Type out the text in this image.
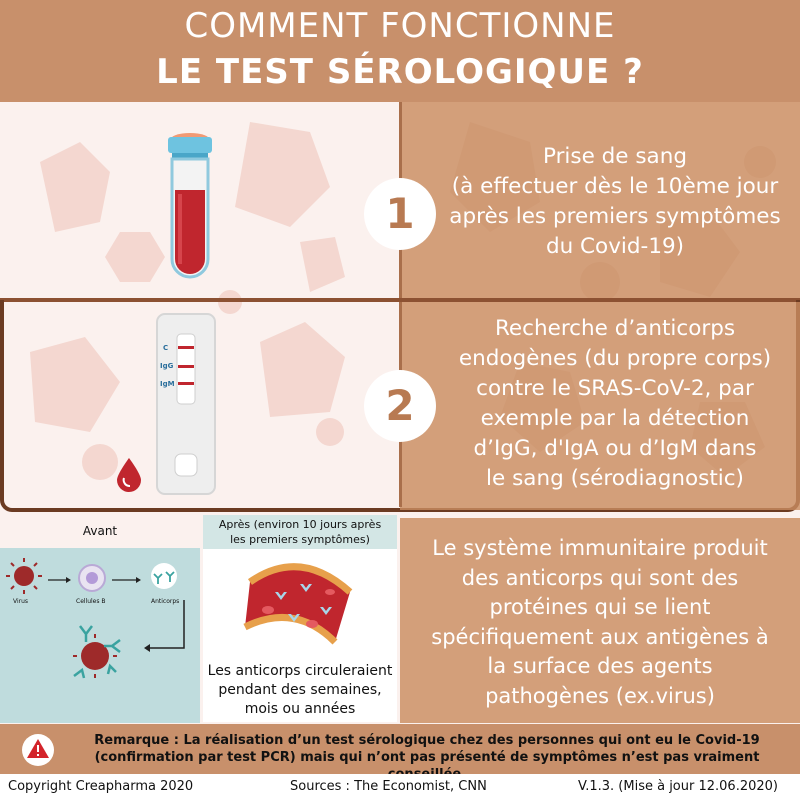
COMMENT FONCTIONNE
LE TEST SÉROLOGIQUE ?
Prise de sang
(à effectuer dès le 10ème jour
après les premiers symptômes
du Covid-19)
1
C
IgG
IgM
Recherche d’anticorps
endogènes (du propre corps)
contre le SRAS-CoV-2, par
exemple par la détection
d’IgG, d'IgA ou d’IgM dans
le sang (sérodiagnostic)
2
Avant
Virus	Cellules B	Anticorps
Après (environ 10 jours après
les premiers symptômes)
Les anticorps circuleraient
pendant des semaines,
mois ou années
Le système immunitaire produit
des anticorps qui sont des
protéines qui se lient
spécifiquement aux antigènes à
la surface des agents
pathogènes (ex.virus)
Remarque : La réalisation d’un test sérologique chez des personnes qui ont eu le Covid-19
(confirmation par test PCR) mais qui n’ont pas présenté de symptômes n’est pas vraiment
Copyright Creapharma 2020	Sources : The Economist, CNN	V.1.3. (Mise à jour 12.06.2020)
